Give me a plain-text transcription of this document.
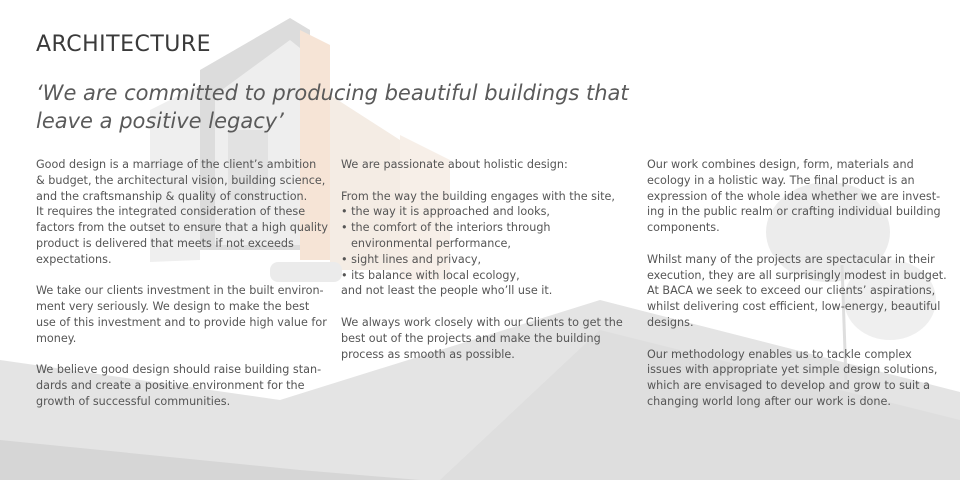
ARCHITECTURE

‘We are committed to producing beautiful buildings that
leave a positive legacy’

Good design is a marriage of the client’s ambition
& budget, the architectural vision, building science,
and the craftsmanship & quality of construction.
It requires the integrated consideration of these
factors from the outset to ensure that a high quality
product is delivered that meets if not exceeds
expectations.

We take our clients investment in the built environ-
ment very seriously. We design to make the best
use of this investment and to provide high value for
money.

We believe good design should raise building stan-
dards and create a positive environment for the
growth of successful communities.

We are passionate about holistic design:

From the way the building engages with the site,
• the way it is approached and looks,
• the comfort of the interiors through
environmental performance,
• sight lines and privacy,
• its balance with local ecology,
and not least the people who’ll use it.

We always work closely with our Clients to get the
best out of the projects and make the building
process as smooth as possible.

Our work combines design, form, materials and
ecology in a holistic way. The final product is an
expression of the whole idea whether we are invest-
ing in the public realm or crafting individual building
components.

Whilst many of the projects are spectacular in their
execution, they are all surprisingly modest in budget.
At BACA we seek to exceed our clients’ aspirations,
whilst delivering cost efficient, low-energy, beautiful
designs.

Our methodology enables us to tackle complex
issues with appropriate yet simple design solutions,
which are envisaged to develop and grow to suit a
changing world long after our work is done.
